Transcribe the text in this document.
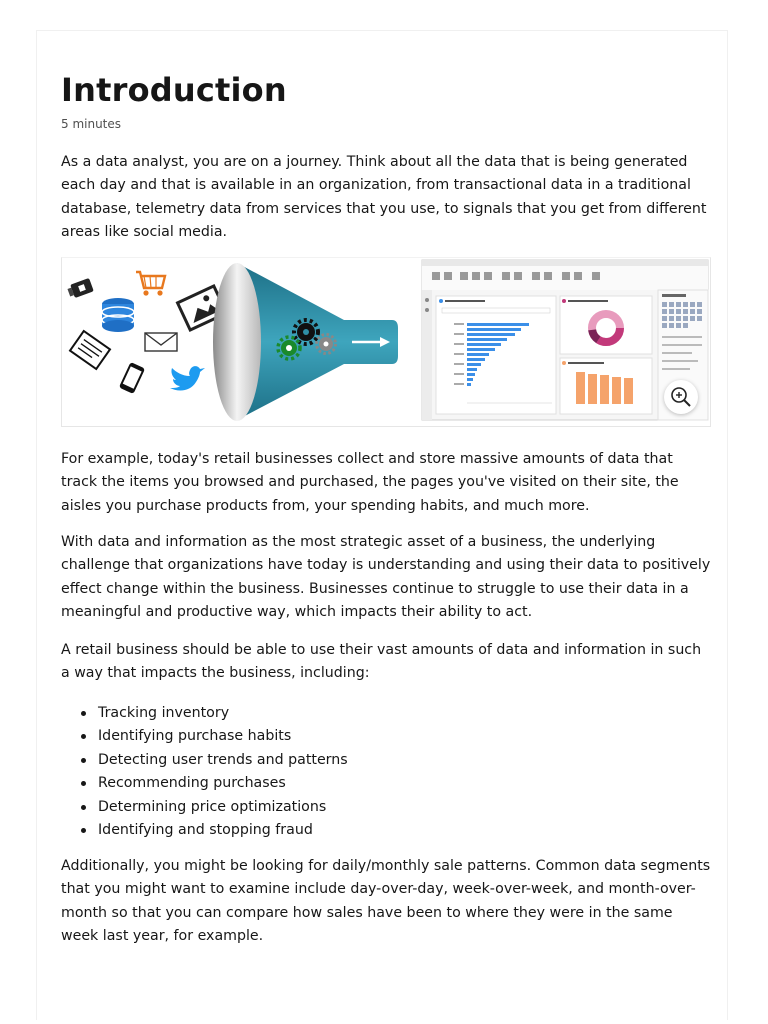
Introduction
5 minutes

As a data analyst, you are on a journey. Think about all the data that is being generated each day and that is available in an organization, from transactional data in a traditional database, telemetry data from services that you use, to signals that you get from different areas like social media.

For example, today's retail businesses collect and store massive amounts of data that track the items you browsed and purchased, the pages you've visited on their site, the aisles you purchase products from, your spending habits, and much more.

With data and information as the most strategic asset of a business, the underlying challenge that organizations have today is understanding and using their data to positively effect change within the business. Businesses continue to struggle to use their data in a meaningful and productive way, which impacts their ability to act.

A retail business should be able to use their vast amounts of data and information in such a way that impacts the business, including:

Tracking inventory
Identifying purchase habits
Detecting user trends and patterns
Recommending purchases
Determining price optimizations
Identifying and stopping fraud

Additionally, you might be looking for daily/monthly sale patterns. Common data segments that you might want to examine include day-over-day, week-over-week, and month-over-month so that you can compare how sales have been to where they were in the same week last year, for example.
